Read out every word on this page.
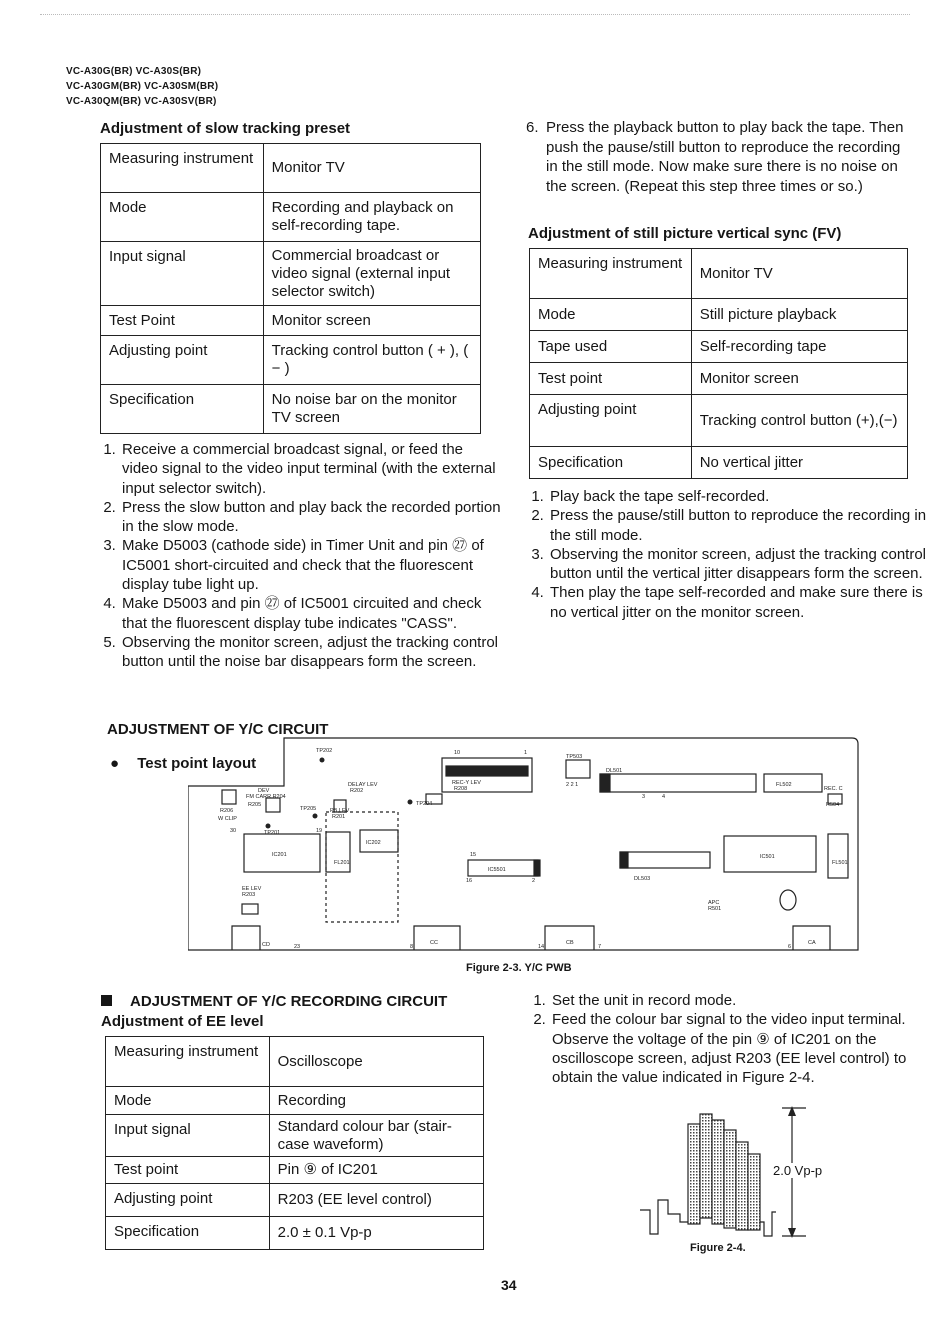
VC-A30G(BR) VC-A30S(BR)
VC-A30GM(BR) VC-A30SM(BR)
VC-A30QM(BR) VC-A30SV(BR)
Adjustment of slow tracking preset
Measuring instrument	Monitor TV
Mode	Recording and playback on self-recording tape.
Input signal	Commercial broadcast or video signal (external input selector switch)
Test Point	Monitor screen
Adjusting point	Tracking control button ( + ), ( − )
Specification	No noise bar on the monitor TV screen
1. Receive a commercial broadcast signal, or feed the video signal to the video input terminal (with the external input selector switch).
2. Press the slow button and play back the recorded portion in the slow mode.
3. Make D5003 (cathode side) in Timer Unit and pin ㉗ of IC5001 short-circuited and check that the fluorescent display tube light up.
4. Make D5003 and pin ㉗ of IC5001 circuited and check that the fluorescent display tube indicates "CASS".
5. Observing the monitor screen, adjust the tracking control button until the noise bar disappears form the screen.
6. Press the playback button to play back the tape. Then push the pause/still button to reproduce the recording in the still mode. Now make sure there is no noise on the screen. (Repeat this step three times or so.)
Adjustment of still picture vertical sync (FV)
Measuring instrument	Monitor TV
Mode	Still picture playback
Tape used	Self-recording tape
Test point	Monitor screen
Adjusting point	Tracking control button (+),(−)
Specification	No vertical jitter
1. Play back the tape self-recorded.
2. Press the pause/still button to reproduce the recording in the still mode.
3. Observing the monitor screen, adjust the tracking control button until the vertical jitter disappears form the screen.
4. Then play the tape self-recorded and make sure there is no vertical jitter on the monitor screen.
ADJUSTMENT OF Y/C CIRCUIT
● Test point layout
TP202
DELAY LEV
R202
DEV
FM CARR R204
R205
R206
W CLIP
TP205	PB LEV
R201
TP204
TP201
IC202
IC201
FL201
EE LEV
R203
REC-Y LEV
R208
IC5501
TP503
DL501
FL502
REC. C
R504
IC501
FL501
DL503
APC
R501
CD	CC	CB	CA
10	1
30	19
15
16	2
8
23	14	7	6
3	4
2 2 1
Figure 2-3. Y/C PWB
ADJUSTMENT OF Y/C RECORDING CIRCUIT
Adjustment of EE level
Measuring instrument	Oscilloscope
Mode	Recording
Input signal	Standard colour bar (stair-case waveform)
Test point	Pin ⑨ of IC201
Adjusting point	R203 (EE level control)
Specification	2.0 ± 0.1 Vp-p
1. Set the unit in record mode.
2. Feed the colour bar signal to the video input terminal. Observe the voltage of the pin ⑨ of IC201 on the oscilloscope screen, adjust R203 (EE level control) to obtain the value indicated in Figure 2-4.
2.0 Vp-p
Figure 2-4.
34
